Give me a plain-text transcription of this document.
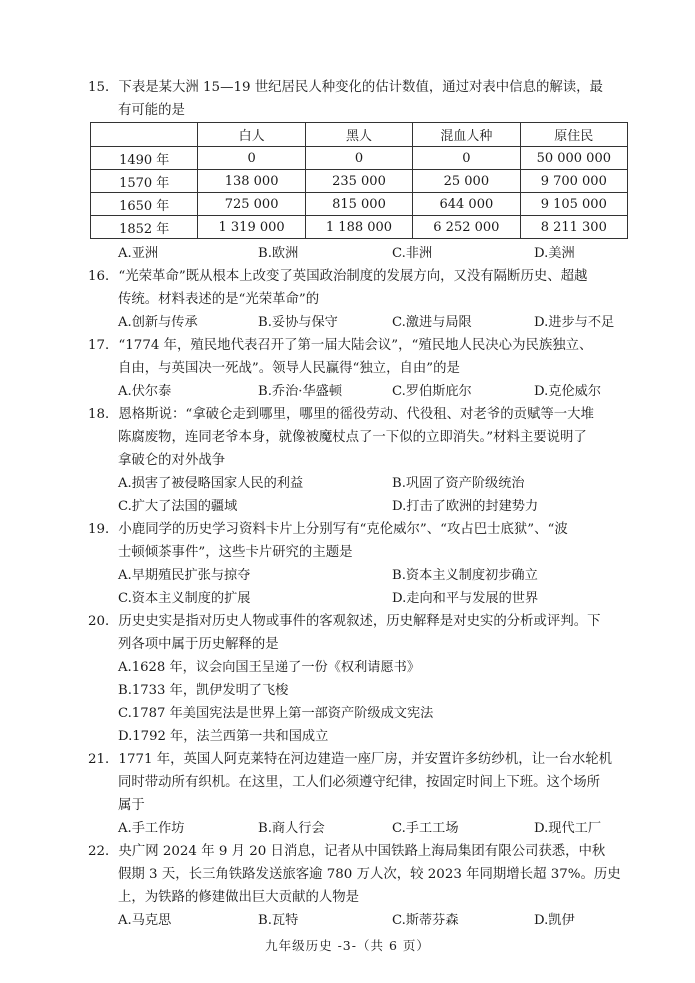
15．下表是某大洲 15—19 世纪居民人种变化的估计数值，通过对表中信息的解读，最
有可能的是
	白人	黑人	混血人种	原住民
1490 年	0	0	0	50 000 000
1570 年	138 000	235 000	25 000	9 700 000
1650 年	725 000	815 000	644 000	9 105 000
1852 年	1 319 000	1 188 000	6 252 000	8 211 300
A.亚洲	B.欧洲	C.非洲	D.美洲
16．“光荣革命”既从根本上改变了英国政治制度的发展方向，又没有隔断历史、超越
传统。材料表述的是“光荣革命”的
A.创新与传承	B.妥协与保守	C.激进与局限	D.进步与不足
17．“1774 年，殖民地代表召开了第一届大陆会议”，“殖民地人民决心为民族独立、
自由，与英国决一死战”。领导人民赢得“独立，自由”的是
A.伏尔泰	B.乔治·华盛顿	C.罗伯斯庇尔	D.克伦威尔
18．恩格斯说：“拿破仑走到哪里，哪里的徭役劳动、代役租、对老爷的贡赋等一大堆
陈腐废物，连同老爷本身，就像被魔杖点了一下似的立即消失。”材料主要说明了
拿破仑的对外战争
A.损害了被侵略国家人民的利益	B.巩固了资产阶级统治
C.扩大了法国的疆域	D.打击了欧洲的封建势力
19．小鹿同学的历史学习资料卡片上分别写有“克伦威尔”、“攻占巴士底狱”、“波
士顿倾茶事件”，这些卡片研究的主题是
A.早期殖民扩张与掠夺	B.资本主义制度初步确立
C.资本主义制度的扩展	D.走向和平与发展的世界
20．历史史实是指对历史人物或事件的客观叙述，历史解释是对史实的分析或评判。下
列各项中属于历史解释的是
A.1628 年，议会向国王呈递了一份《权利请愿书》
B.1733 年，凯伊发明了飞梭
C.1787 年美国宪法是世界上第一部资产阶级成文宪法
D.1792 年，法兰西第一共和国成立
21．1771 年，英国人阿克莱特在河边建造一座厂房，并安置许多纺纱机，让一台水轮机
同时带动所有织机。在这里，工人们必须遵守纪律，按固定时间上下班。这个场所
属于
A.手工作坊	B.商人行会	C.手工工场	D.现代工厂
22．央广网 2024 年 9 月 20 日消息，记者从中国铁路上海局集团有限公司获悉，中秋
假期 3 天，长三角铁路发送旅客逾 780 万人次，较 2023 年同期增长超 37%。历史
上，为铁路的修建做出巨大贡献的人物是
A.马克思	B.瓦特	C.斯蒂芬森	D.凯伊
九年级历史 -3-（共 6 页）
